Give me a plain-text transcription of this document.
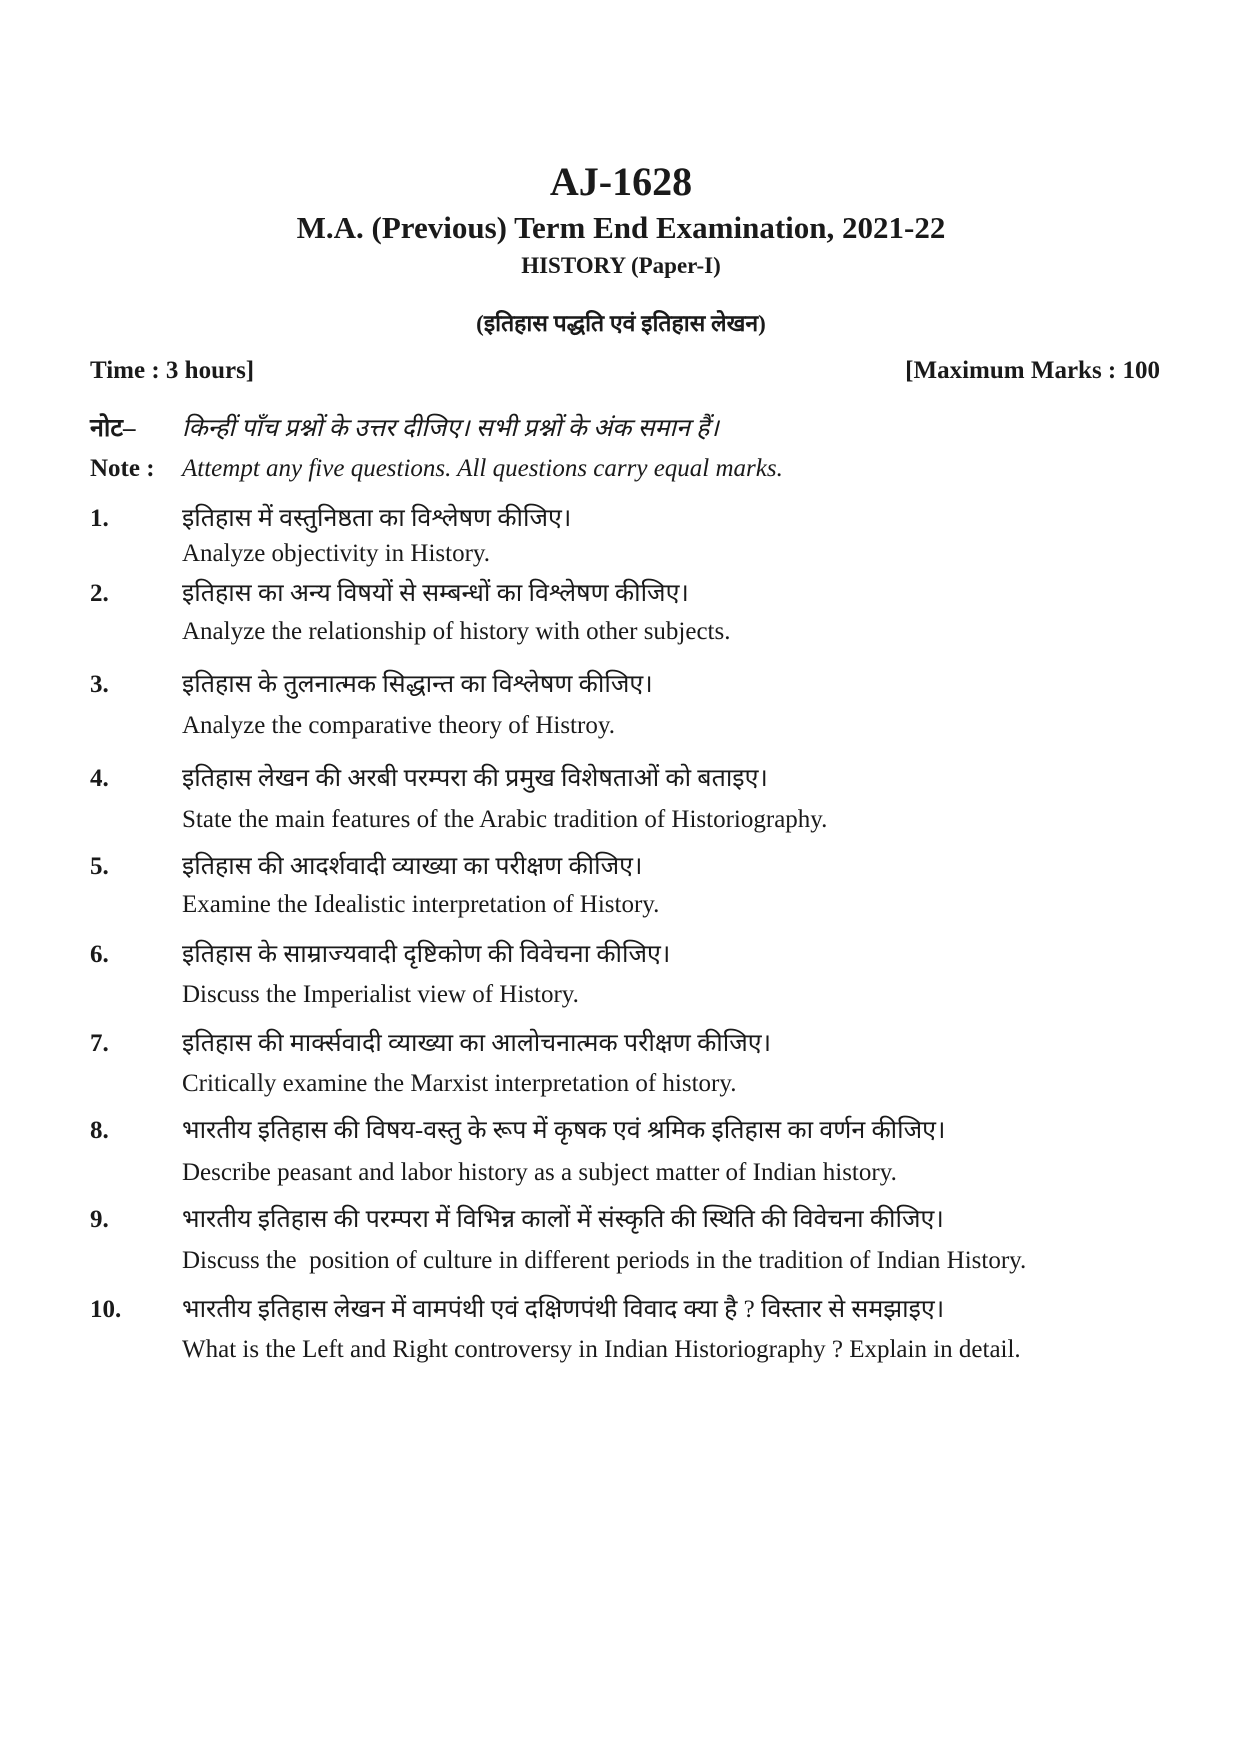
AJ-1628
M.A. (Previous) Term End Examination, 2021-22
HISTORY (Paper-I)
(इतिहास पद्धति एवं इतिहास लेखन)
Time : 3 hours]	[Maximum Marks : 100
नोट– किन्हीं पाँच प्रश्नों के उत्तर दीजिए। सभी प्रश्नों के अंक समान हैं।
Note : Attempt any five questions. All questions carry equal marks.
1.	इतिहास में वस्तुनिष्ठता का विश्लेषण कीजिए।
Analyze objectivity in History.
2.	इतिहास का अन्य विषयों से सम्बन्धों का विश्लेषण कीजिए।
Analyze the relationship of history with other subjects.
3.	इतिहास के तुलनात्मक सिद्धान्त का विश्लेषण कीजिए।
Analyze the comparative theory of Histroy.
4.	इतिहास लेखन की अरबी परम्परा की प्रमुख विशेषताओं को बताइए।
State the main features of the Arabic tradition of Historiography.
5.	इतिहास की आदर्शवादी व्याख्या का परीक्षण कीजिए।
Examine the Idealistic interpretation of History.
6.	इतिहास के साम्राज्यवादी दृष्टिकोण की विवेचना कीजिए।
Discuss the Imperialist view of History.
7.	इतिहास की मार्क्सवादी व्याख्या का आलोचनात्मक परीक्षण कीजिए।
Critically examine the Marxist interpretation of history.
8.	भारतीय इतिहास की विषय-वस्तु के रूप में कृषक एवं श्रमिक इतिहास का वर्णन कीजिए।
Describe peasant and labor history as a subject matter of Indian history.
9.	भारतीय इतिहास की परम्परा में विभिन्न कालों में संस्कृति की स्थिति की विवेचना कीजिए।
Discuss the  position of culture in different periods in the tradition of Indian History.
10. भारतीय इतिहास लेखन में वामपंथी एवं दक्षिणपंथी विवाद क्या है ? विस्तार से समझाइए।
What is the Left and Right controversy in Indian Historiography ? Explain in detail.
